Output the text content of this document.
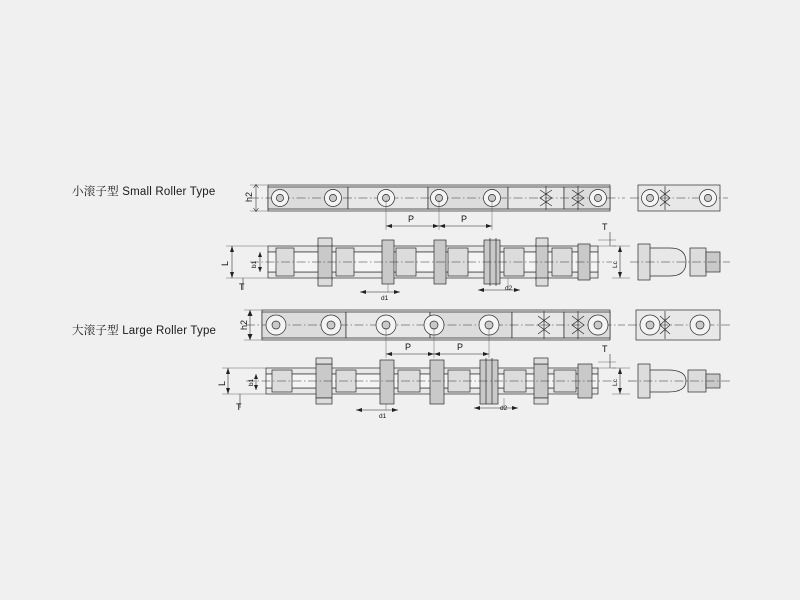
小滚子型 Small Roller Type
大滚子型 Large Roller Type
h2
P	P
L	b1
T
T
d1
d2
Lc
h2
P	P
L	b1
T
T
d1
d2
Lc
